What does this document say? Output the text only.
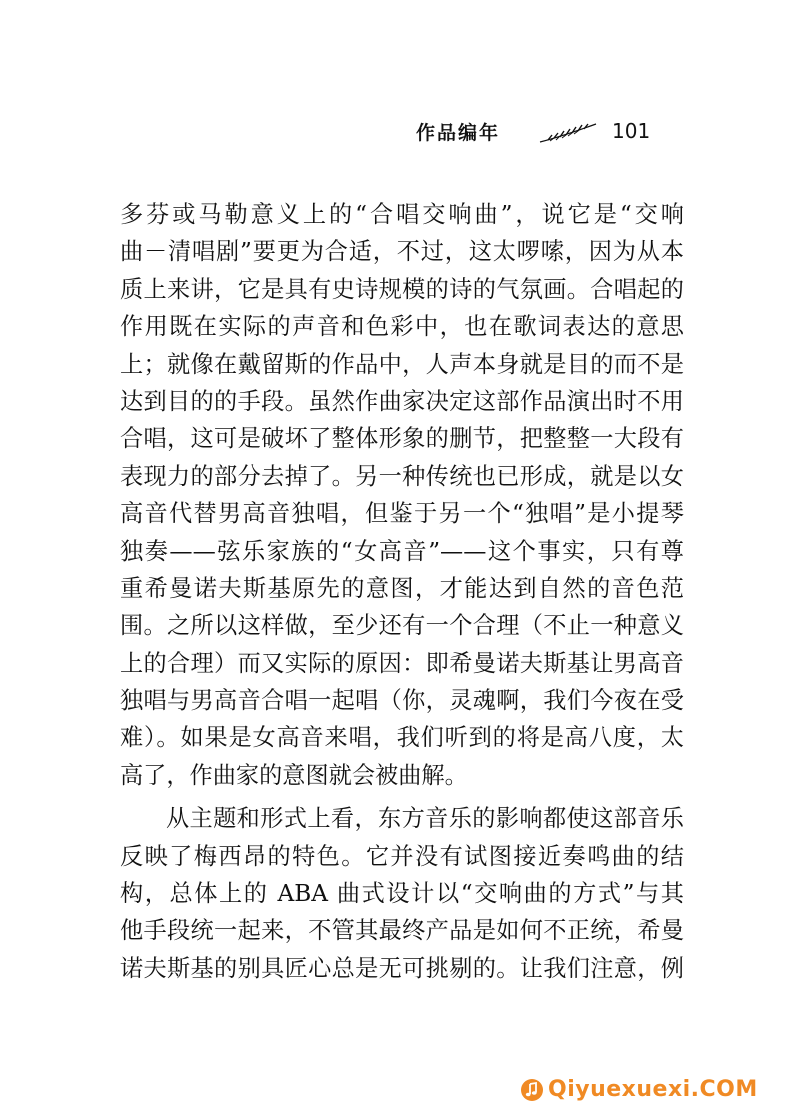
作品编年	101
多芬或马勒意义上的“合唱交响曲”，说它是“交响
曲－清唱剧”要更为合适，不过，这太啰嗦，因为从本
质上来讲，它是具有史诗规模的诗的气氛画。合唱起的
作用既在实际的声音和色彩中，也在歌词表达的意思
上；就像在戴留斯的作品中，人声本身就是目的而不是
达到目的的手段。虽然作曲家决定这部作品演出时不用
合唱，这可是破坏了整体形象的删节，把整整一大段有
表现力的部分去掉了。另一种传统也已形成，就是以女
高音代替男高音独唱，但鉴于另一个“独唱”是小提琴
独奏——弦乐家族的“女高音”——这个事实，只有尊
重希曼诺夫斯基原先的意图，才能达到自然的音色范
围。之所以这样做，至少还有一个合理（不止一种意义
上的合理）而又实际的原因：即希曼诺夫斯基让男高音
独唱与男高音合唱一起唱（你，灵魂啊，我们今夜在受
难）。如果是女高音来唱，我们听到的将是高八度，太
高了，作曲家的意图就会被曲解。
从主题和形式上看，东方音乐的影响都使这部音乐
反映了梅西昂的特色。它并没有试图接近奏鸣曲的结
构，总体上的 ABA 曲式设计以“交响曲的方式”与其
他手段统一起来，不管其最终产品是如何不正统，希曼
诺夫斯基的别具匠心总是无可挑剔的。让我们注意，例
Qiyuexuexi.COM
